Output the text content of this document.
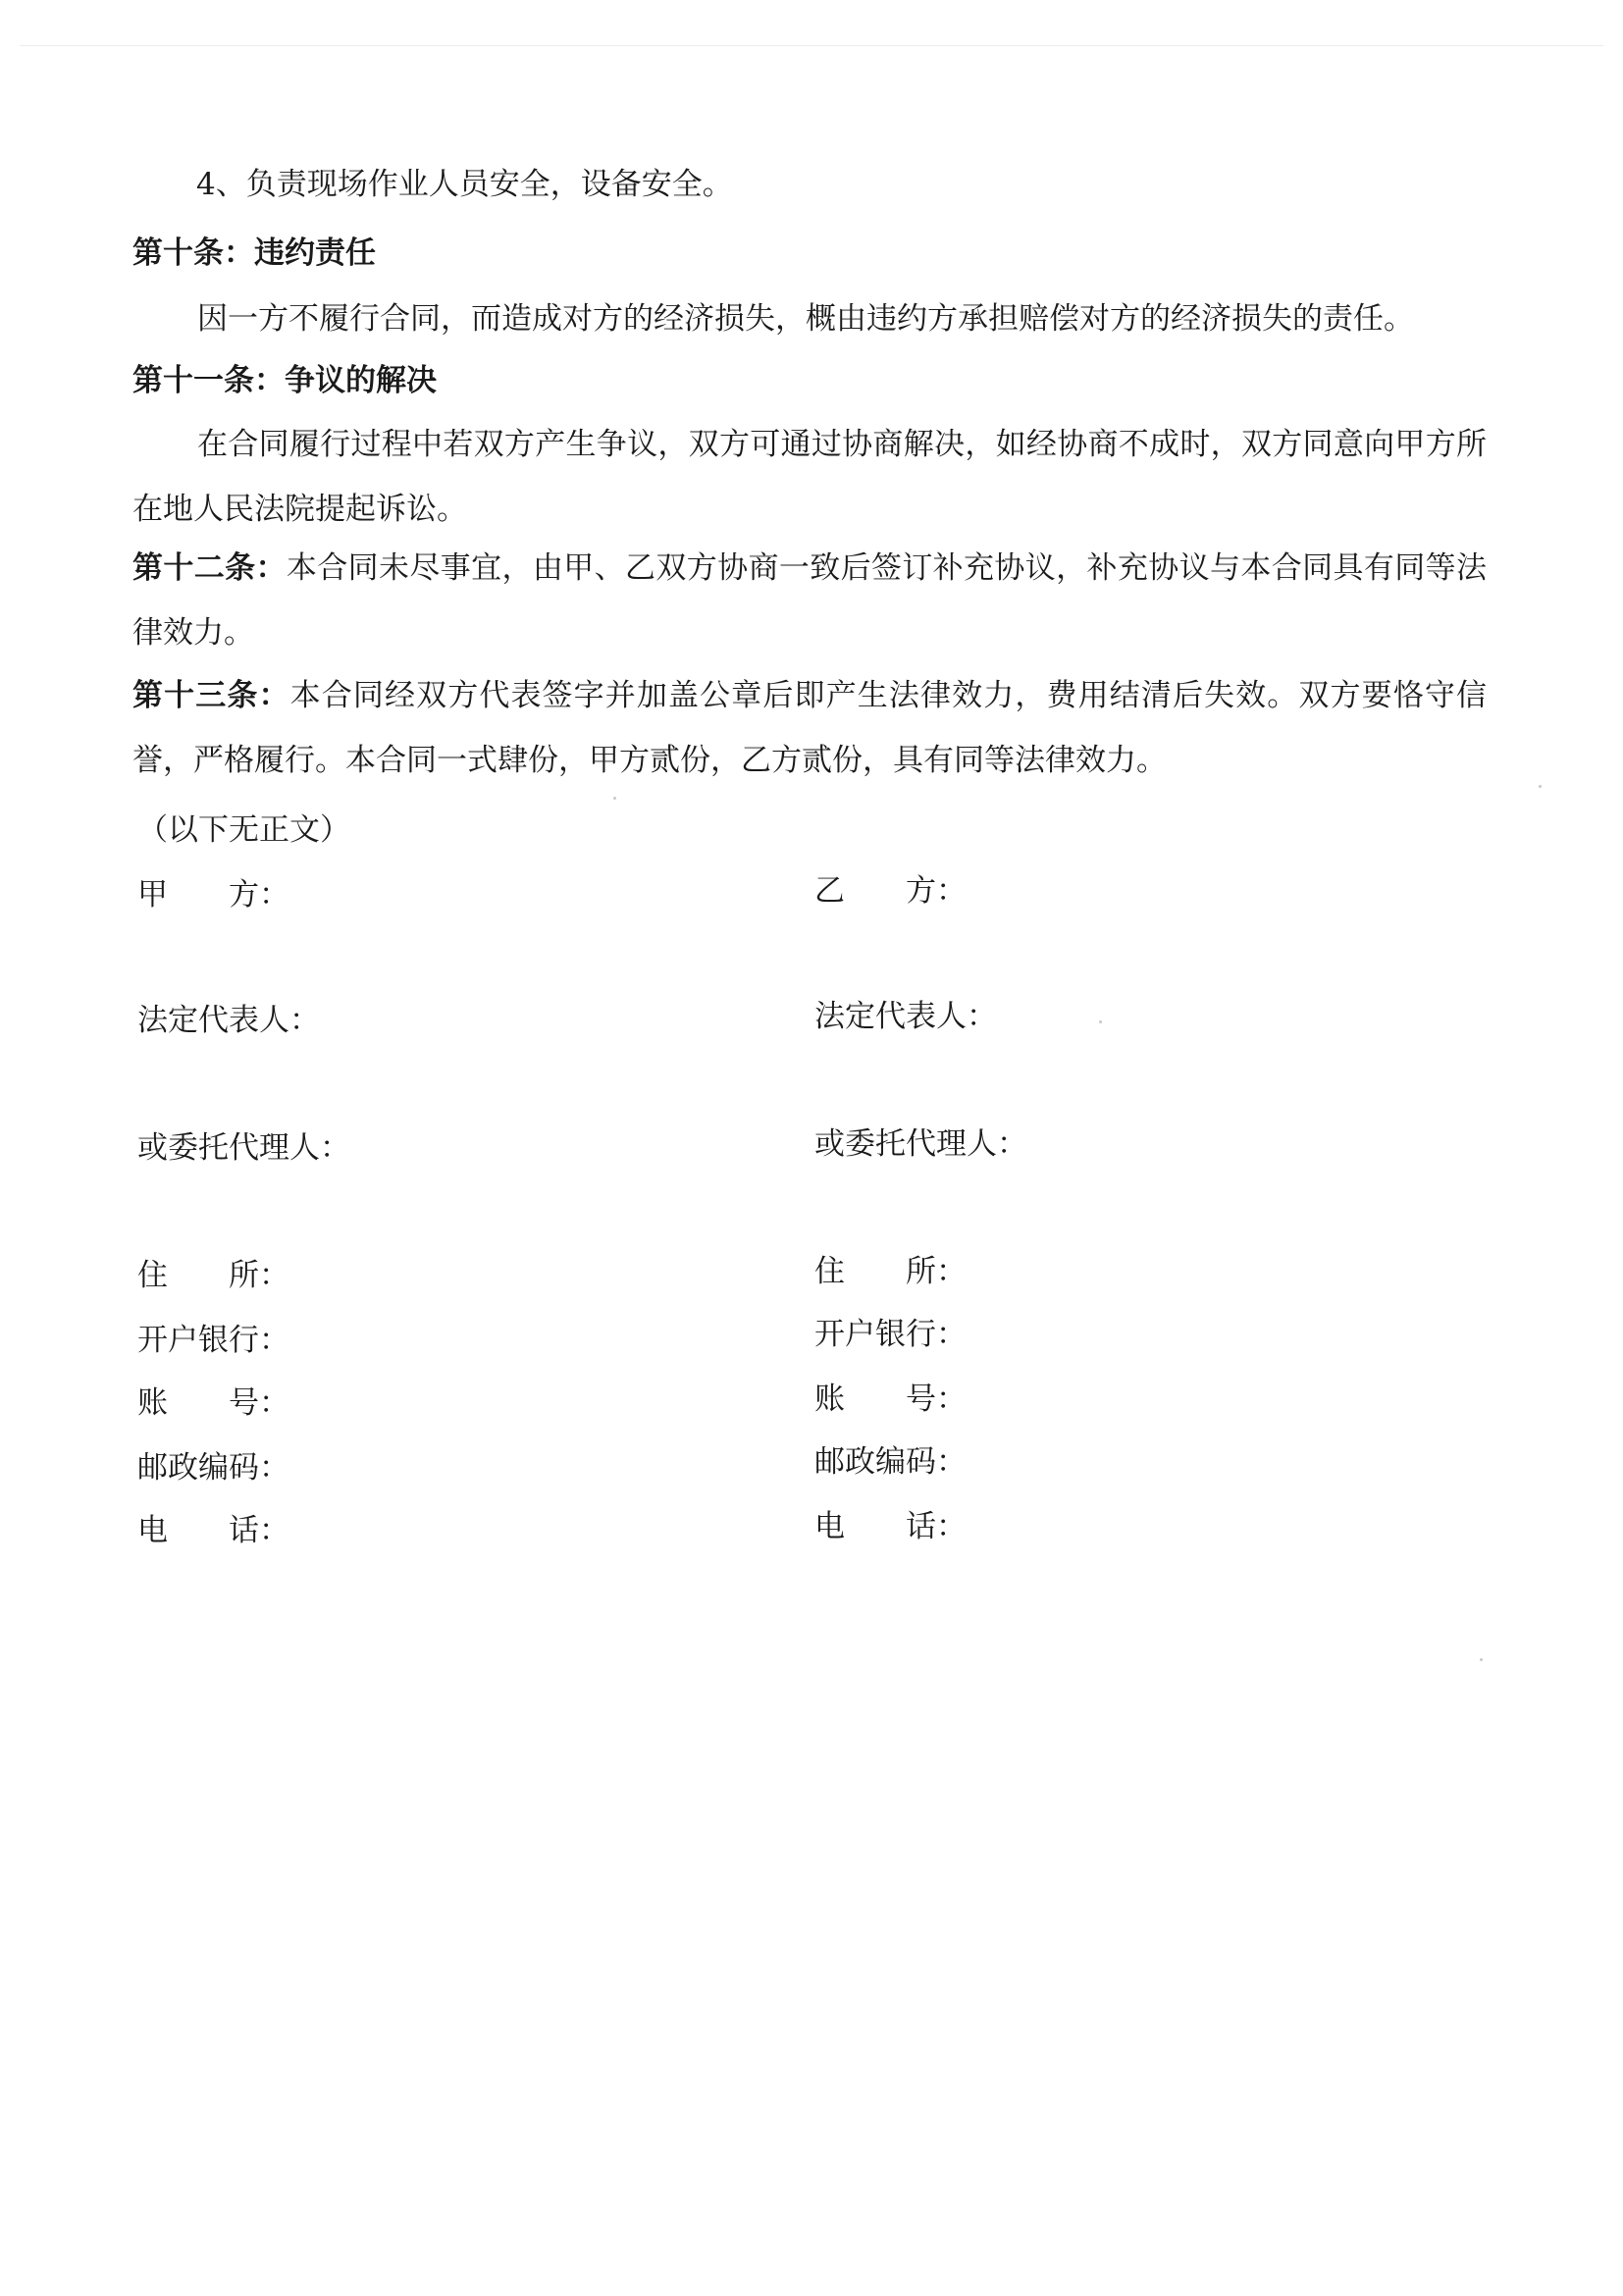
4、负责现场作业人员安全，设备安全。
第十条：违约责任
因一方不履行合同，而造成对方的经济损失，概由违约方承担赔偿对方的经济损失的责任。
第十一条：争议的解决
在合同履行过程中若双方产生争议，双方可通过协商解决，如经协商不成时，双方同意向甲方所在地人民法院提起诉讼。
第十二条：本合同未尽事宜，由甲、乙双方协商一致后签订补充协议，补充协议与本合同具有同等法律效力。
第十三条：本合同经双方代表签字并加盖公章后即产生法律效力，费用结清后失效。双方要恪守信誉，严格履行。本合同一式肆份，甲方贰份，乙方贰份，具有同等法律效力。
（以下无正文）
甲　　方：
法定代表人：
或委托代理人：
住　　所：
开户银行：
账　　号：
邮政编码：
电　　话：
乙　　方：
法定代表人：
或委托代理人：
住　　所：
开户银行：
账　　号：
邮政编码：
电　　话：
